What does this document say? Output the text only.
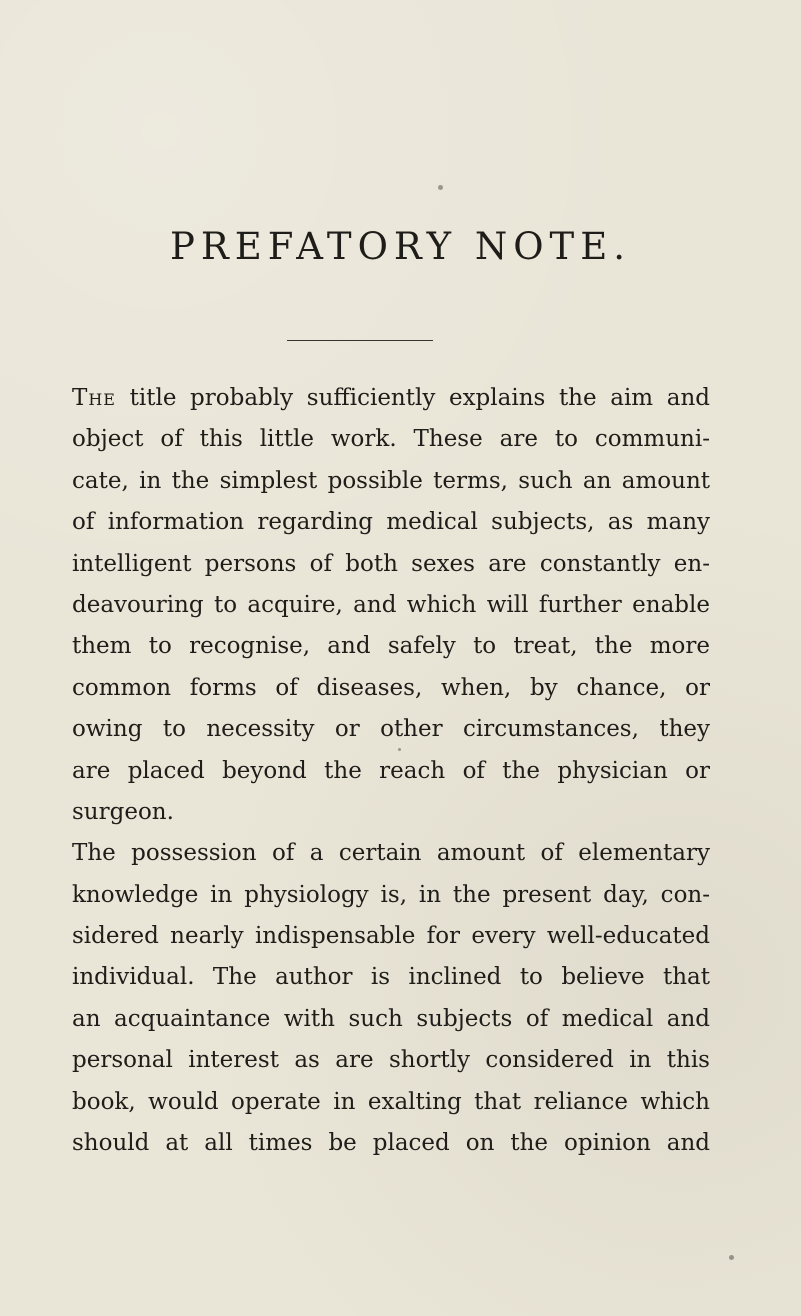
PREFATORY NOTE.
The title probably sufficiently explains the aim and
object of this little work. These are to communi-
cate, in the simplest possible terms, such an amount
of information regarding medical subjects, as many
intelligent persons of both sexes are constantly en-
deavouring to acquire, and which will further enable
them to recognise, and safely to treat, the more
common forms of diseases, when, by chance, or
owing to necessity or other circumstances, they
are placed beyond the reach of the physician or
surgeon.
The possession of a certain amount of elementary
knowledge in physiology is, in the present day, con-
sidered nearly indispensable for every well-educated
individual. The author is inclined to believe that
an acquaintance with such subjects of medical and
personal interest as are shortly considered in this
book, would operate in exalting that reliance which
should at all times be placed on the opinion and
